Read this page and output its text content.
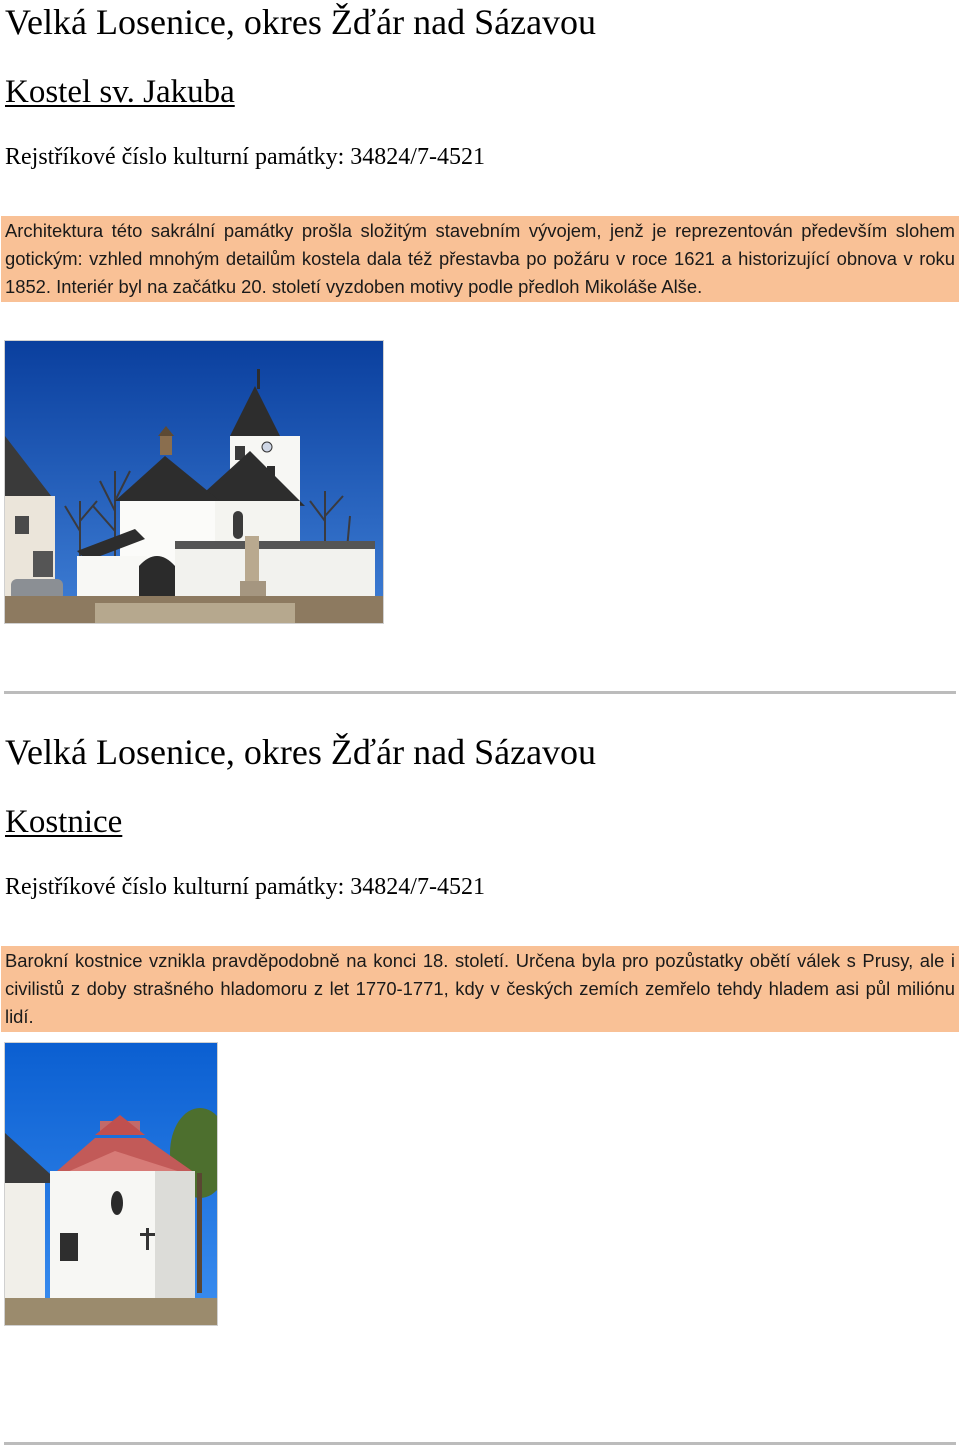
Velká Losenice, okres Žďár nad Sázavou
Kostel sv. Jakuba
Rejstříkové číslo kulturní památky: 34824/7-4521

Architektura této sakrální památky prošla složitým stavebním vývojem, jenž je reprezentován především slohem gotickým: vzhled mnohým detailům kostela dala též přestavba po požáru v roce 1621 a historizující obnova v roku 1852. Interiér byl na začátku 20. století vyzdoben motivy podle předloh Mikoláše Alše.

Velká Losenice, okres Žďár nad Sázavou
Kostnice
Rejstříkové číslo kulturní památky: 34824/7-4521

Barokní kostnice vznikla pravděpodobně na konci 18. století. Určena byla pro pozůstatky obětí válek s Prusy, ale i civilistů z doby strašného hladomoru z let 1770-1771, kdy v českých zemích zemřelo tehdy hladem asi půl miliónu lidí.
